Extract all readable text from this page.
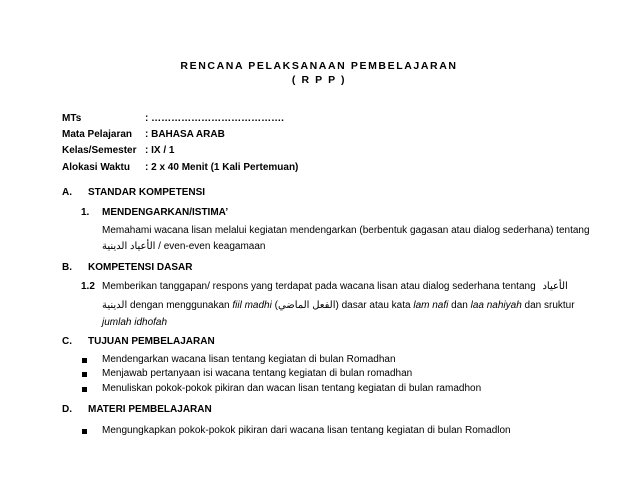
RENCANA PELAKSANAAN PEMBELAJARAN
( R P P )
MTs	: ………………………………….
Mata Pelajaran : BAHASA ARAB
Kelas/Semester : IX / 1
Alokasi Waktu : 2 x 40 Menit (1 Kali Pertemuan)
A. STANDAR KOMPETENSI
1. MENDENGARKAN/ISTIMA’
Memahami wacana lisan melalui kegiatan mendengarkan (berbentuk gagasan atau dialog sederhana) tentang
الأعياد الدينية / even-even keagamaan
B. KOMPETENSI DASAR
1.2 Memberikan tanggapan/ respons yang terdapat pada wacana lisan atau dialog sederhana tentang الأعياد
الدينية dengan menggunakan fiil madhi (الفعل الماضي) dasar atau kata lam nafi dan laa nahiyah dan sruktur
jumlah idhofah
C. TUJUAN PEMBELAJARAN
Mendengarkan wacana lisan tentang kegiatan di bulan Romadhan
Menjawab pertanyaan isi wacana tentang kegiatan di bulan romadhan
Menuliskan pokok-pokok pikiran dan wacan lisan tentang kegiatan di bulan ramadhon
D. MATERI PEMBELAJARAN
Mengungkapkan pokok-pokok pikiran dari wacana lisan tentang kegiatan di bulan Romadlon
